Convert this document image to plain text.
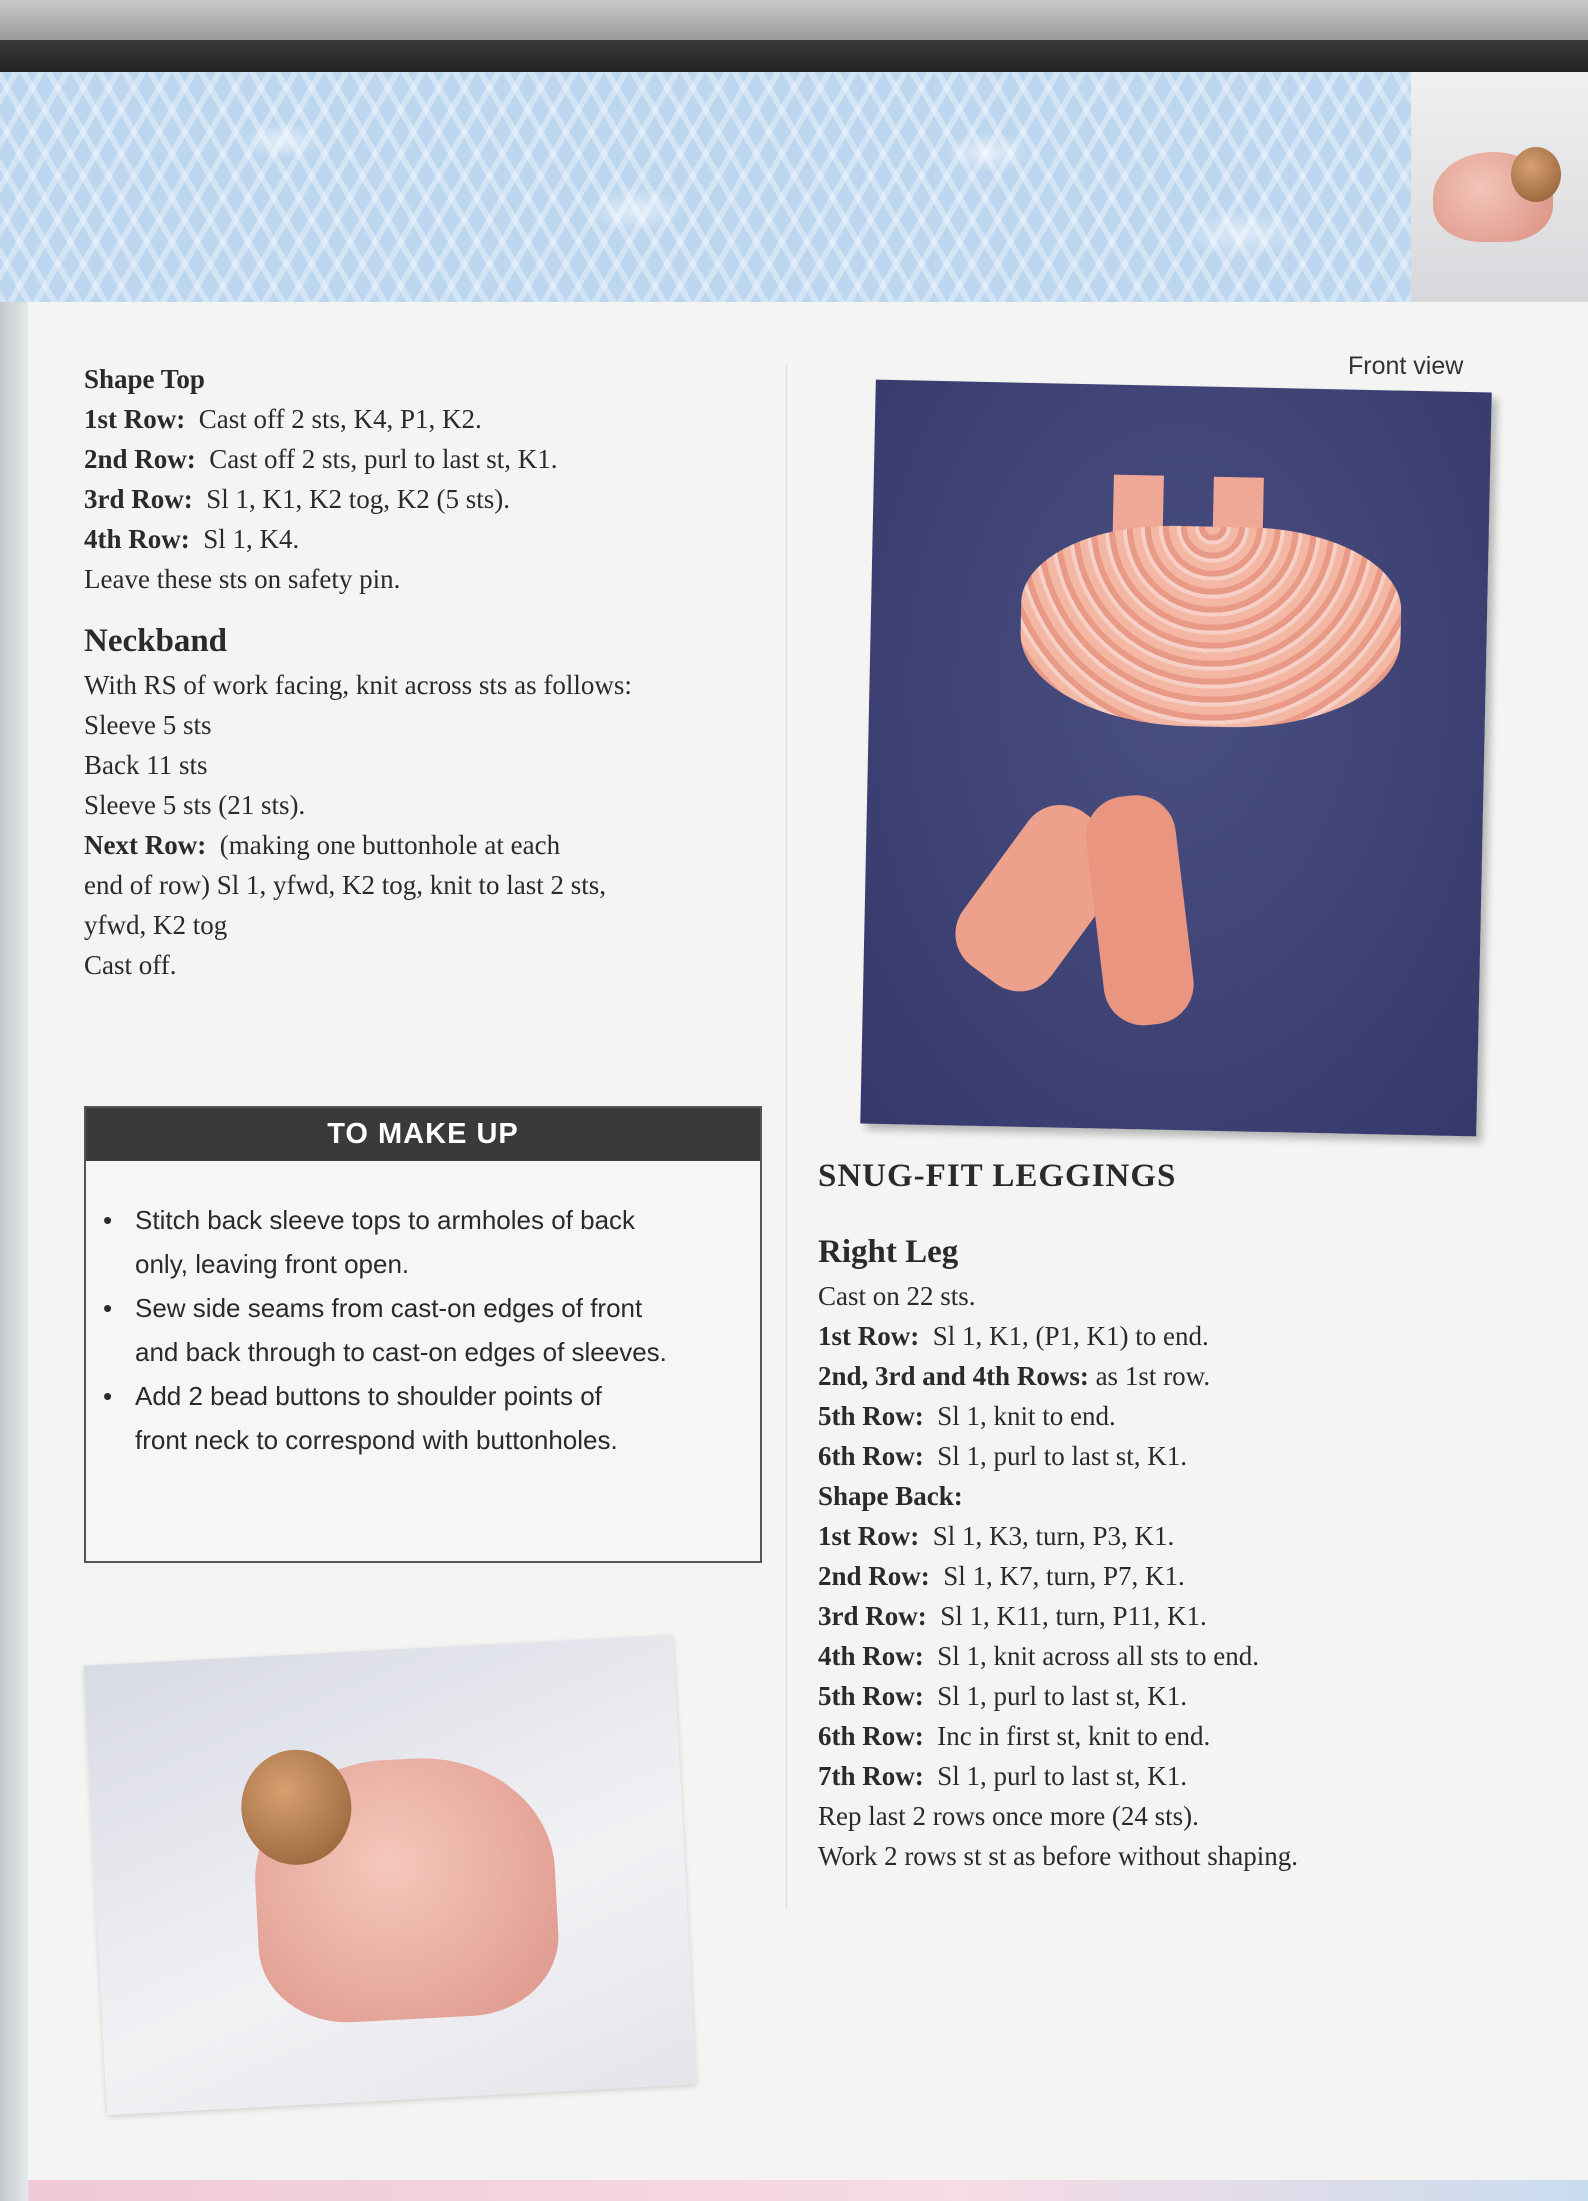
Shape Top
1st Row: Cast off 2 sts, K4, P1, K2.
2nd Row: Cast off 2 sts, purl to last st, K1.
3rd Row: Sl 1, K1, K2 tog, K2 (5 sts).
4th Row: Sl 1, K4.
Leave these sts on safety pin.
Neckband
With RS of work facing, knit across sts as follows:
Sleeve 5 sts
Back 11 sts
Sleeve 5 sts (21 sts).
Next Row: (making one buttonhole at each
end of row) Sl 1, yfwd, K2 tog, knit to last 2 sts,
yfwd, K2 tog
Cast off.
TO MAKE UP
• Stitch back sleeve tops to armholes of back
only, leaving front open.
• Sew side seams from cast-on edges of front
and back through to cast-on edges of sleeves.
• Add 2 bead buttons to shoulder points of
front neck to correspond with buttonholes.
Front view
SNUG-FIT LEGGINGS
Right Leg
Cast on 22 sts.
1st Row: Sl 1, K1, (P1, K1) to end.
2nd, 3rd and 4th Rows: as 1st row.
5th Row: Sl 1, knit to end.
6th Row: Sl 1, purl to last st, K1.
Shape Back:
1st Row: Sl 1, K3, turn, P3, K1.
2nd Row: Sl 1, K7, turn, P7, K1.
3rd Row: Sl 1, K11, turn, P11, K1.
4th Row: Sl 1, knit across all sts to end.
5th Row: Sl 1, purl to last st, K1.
6th Row: Inc in first st, knit to end.
7th Row: Sl 1, purl to last st, K1.
Rep last 2 rows once more (24 sts).
Work 2 rows st st as before without shaping.
